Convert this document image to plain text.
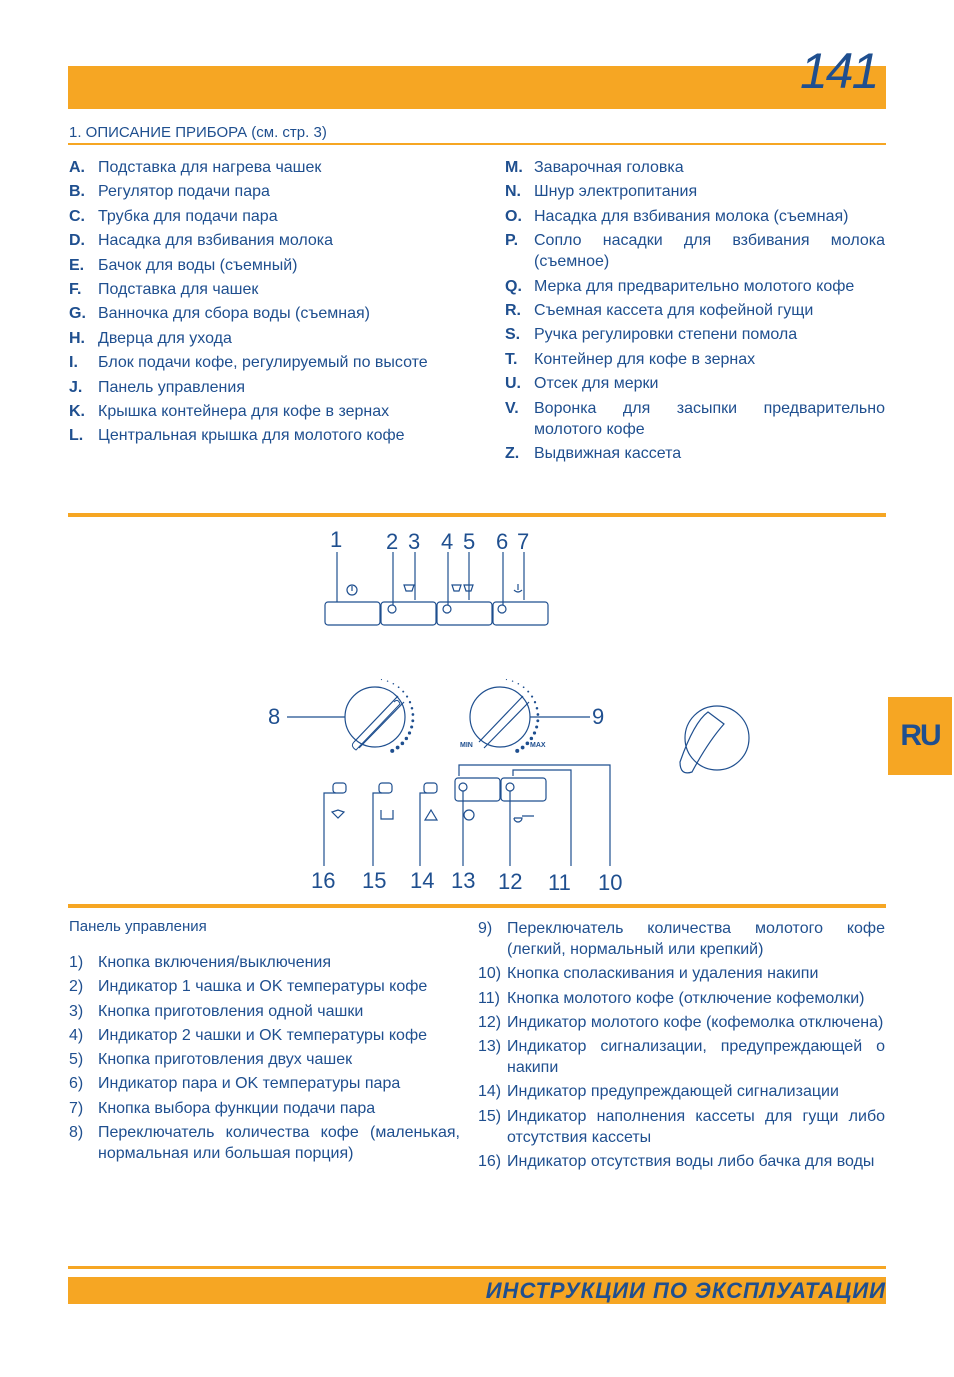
141
1. ОПИСАНИЕ ПРИБОРА (см. стр. 3)
A. Подставка для нагрева чашек
B. Регулятор подачи пара
C. Трубка для подачи пара
D. Насадка для взбивания молока
E. Бачок для воды (съемный)
F.	Подставка для чашек
G. Ванночка для сбора воды (съемная)
H. Дверца для ухода
I.	Блок подачи кофе, регулируемый по высоте
J. Панель управления
K. Крышка контейнера для кофе в зернах
L. Центральная крышка для молотого кофе
M. Заварочная головка
N. Шнур электропитания
O. Насадка для взбивания молока (съемная)
P. Сопло насадки для взбивания молока (съемное)
Q. Мерка для предварительно молотого кофе
R. Съемная кассета для кофейной гущи
S. Ручка регулировки степени помола
T.	Контейнер для кофе в зернах
U. Отсек для мерки
V. Воронка для засыпки предварительно молотого кофе
Z. Выдвижная кассета
RU
1 2 3 4 5 6 7
8	9
MIN	MAX
16 15 14 13 12 11 10
Панель управления
1) Кнопка включения/выключения
2) Индикатор 1 чашка и OK температуры кофе
3) Кнопка приготовления одной чашки
4) Индикатор 2 чашки и OK температуры кофе
5) Кнопка приготовления двух чашек
6) Индикатор пара и OK температуры пара
7) Кнопка выбора функции подачи пара
8) Переключатель количества кофе (маленькая, нормальная или большая порция)
9) Переключатель количества молотого кофе (легкий, нормальный или крепкий)
10) Кнопка споласкивания и удаления накипи
11) Кнопка молотого кофе (отключение кофемолки)
12) Индикатор молотого кофе (кофемолка отключена)
13) Индикатор сигнализации, предупреждающей о накипи
14) Индикатор предупреждающей сигнализации
15) Индикатор наполнения кассеты для гущи либо отсутствия кассеты
16) Индикатор отсутствия воды либо бачка для воды
ИНСТРУКЦИИ ПО ЭКСПЛУАТАЦИИ
